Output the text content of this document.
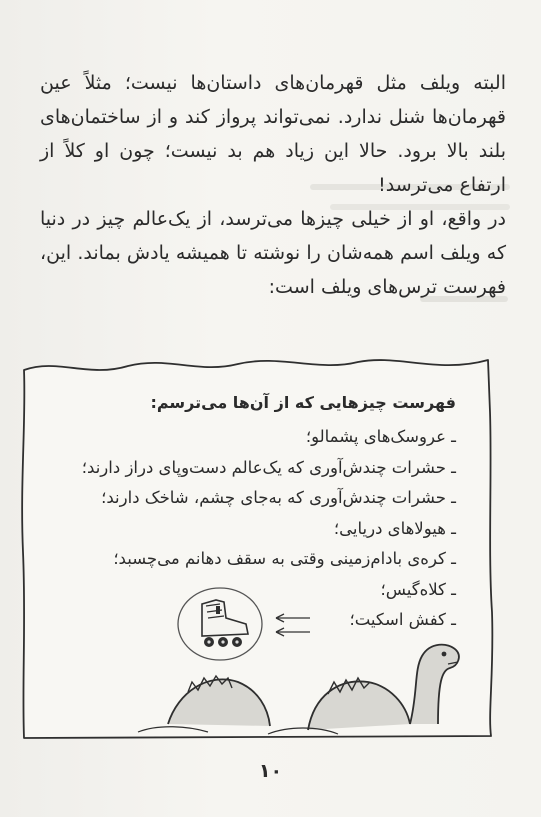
البته ویلف مثل قهرمان‌های داستان‌ها نیست؛ مثلاً عین قهرمان‌ها شنل ندارد. نمی‌تواند پرواز کند و از ساختمان‌های بلند بالا برود. حالا این زیاد هم بد نیست؛ چون او کلاً از ارتفاع می‌ترسد!

در واقع، او از خیلی چیزها می‌ترسد، از یک‌عالم چیز در دنیا که ویلف اسم همه‌شان را نوشته تا همیشه یادش بماند. این، فهرست ترس‌های ویلف است:

فهرست چیزهایی که از آن‌ها می‌ترسم:
ـ عروسک‌های پشمالو؛
ـ حشرات چندش‌آوری که یک‌عالم دست‌وپای دراز دارند؛
ـ حشرات چندش‌آوری که به‌جای چشم، شاخک دارند؛
ـ هیولاهای دریایی؛
ـ کره‌ی بادام‌زمینی وقتی به سقف دهانم می‌چسبد؛
ـ کلاه‌گیس؛
ـ کفش اسکیت؛
۱۰
